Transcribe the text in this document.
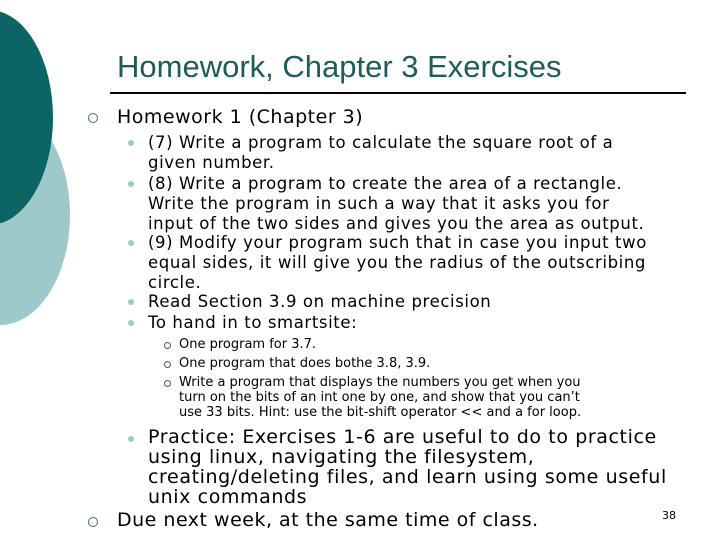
Homework, Chapter 3 Exercises
Homework 1 (Chapter 3)
(7) Write a program to calculate the square root of a
given number.
(8) Write a program to create the area of a rectangle.
Write the program in such a way that it asks you for
input of the two sides and gives you the area as output.
(9) Modify your program such that in case you input two
equal sides, it will give you the radius of the outscribing
circle.
Read Section 3.9 on machine precision
To hand in to smartsite:
One program for 3.7.
One program that does bothe 3.8, 3.9.
Write a program that displays the numbers you get when you
turn on the bits of an int one by one, and show that you can’t
use 33 bits. Hint: use the bit-shift operator << and a for loop.
Practice: Exercises 1-6 are useful to do to practice
using linux, navigating the filesystem,
creating/deleting files, and learn using some useful
unix commands
Due next week, at the same time of class.	38
